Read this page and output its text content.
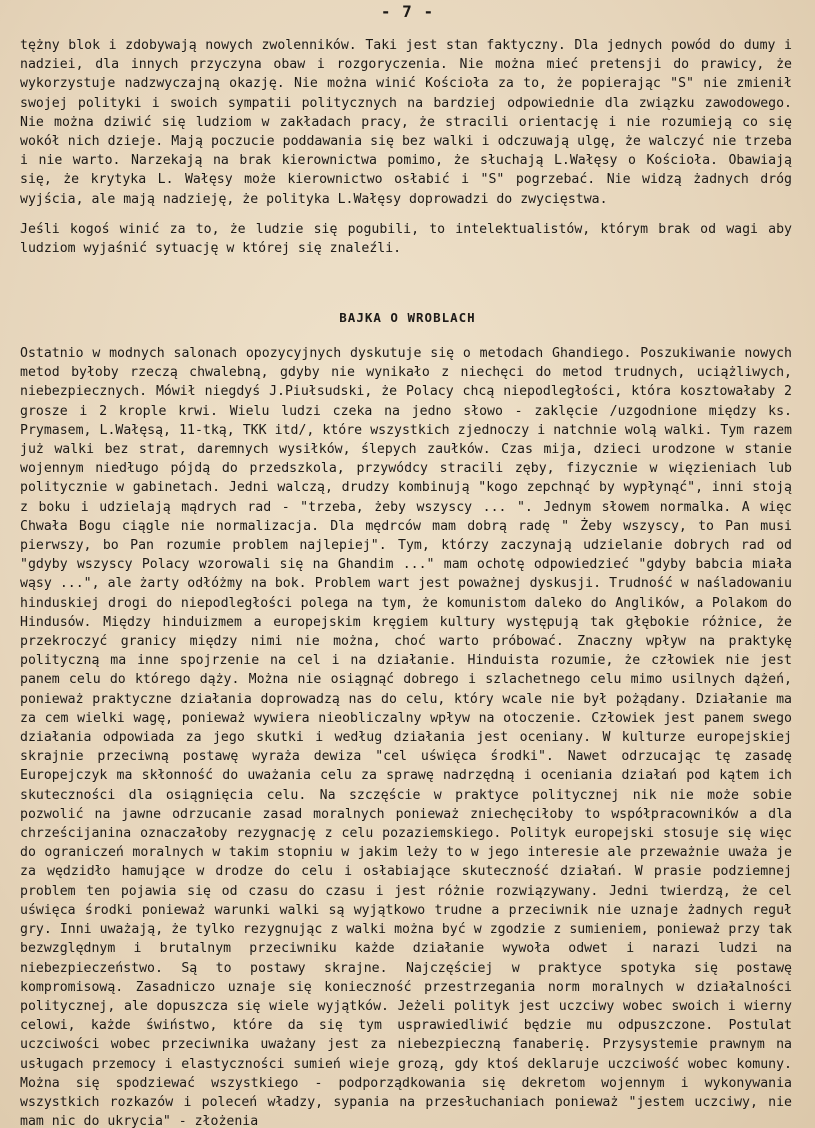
- 7 -

tężny blok i zdobywają nowych zwolenników. Taki jest stan faktyczny. Dla jednych powód do dumy i nadziei, dla innych przyczyna obaw i rozgoryczenia. Nie można mieć pretensji do prawicy, że wykorzystuje nadzwyczajną okazję. Nie można winić Kościoła za to, że popierając "S" nie zmienił swojej polityki i swoich sympatii politycznych na bardziej odpowiednie dla związku zawodowego. Nie można dziwić się ludziom w zakładach pracy, że stracili orientację i nie rozumieją co się wokół nich dzieje. Mają poczucie poddawania się bez walki i odczuwają ulgę, że walczyć nie trzeba i nie warto. Narzekają na brak kierownictwa pomimo, że słuchają L.Wałęsy o Kościoła. Obawiają się, że krytyka L. Wałęsy może kierownictwo osłabić i "S" pogrzebać. Nie widzą żadnych dróg wyjścia, ale mają nadzieję, że polityka L.Wałęsy doprowadzi do zwycięstwa.

Jeśli kogoś winić za to, że ludzie się pogubili, to intelektualistów, którym brak od wagi aby ludziom wyjaśnić sytuację w której się znaleźli.

BAJKA O WROBLACH

Ostatnio w modnych salonach opozycyjnych dyskutuje się o metodach Ghandiego. Poszukiwanie nowych metod byłoby rzeczą chwalebną, gdyby nie wynikało z niechęci do metod trudnych, uciążliwych, niebezpiecznych. Mówił niegdyś J.Piułsudski, że Polacy chcą niepodległości, która kosztowałaby 2 grosze i 2 krople krwi. Wielu ludzi czeka na jedno słowo - zaklęcie /uzgodnione między ks. Prymasem, L.Wałęsą, 11-tką, TKK itd/, które wszystkich zjednoczy i natchnie wolą walki. Tym razem już walki bez strat, daremnych wysiłków, ślepych zaułków. Czas mija, dzieci urodzone w stanie wojennym niedługo pójdą do przedszkola, przywódcy stracili zęby, fizycznie w więzieniach lub politycznie w gabinetach. Jedni walczą, drudzy kombinują "kogo zepchnąć by wypłynąć", inni stoją z boku i udzielają mądrych rad - "trzeba, żeby wszyscy ... ". Jednym słowem normalka. A więc Chwała Bogu ciągle nie normalizacja. Dla mędrców mam dobrą radę " Żeby wszyscy, to Pan musi pierwszy, bo Pan rozumie problem najlepiej". Tym, którzy zaczynają udzielanie dobrych rad od "gdyby wszyscy Polacy wzorowali się na Ghandim ..." mam ochotę odpowiedzieć "gdyby babcia miała wąsy ...", ale żarty odłóżmy na bok. Problem wart jest poważnej dyskusji. Trudność w naśladowaniu hinduskiej drogi do niepodległości polega na tym, że komunistom daleko do Anglików, a Polakom do Hindusów. Między hinduizmem a europejskim kręgiem kultury występują tak głębokie różnice, że przekroczyć granicy między nimi nie można, choć warto próbować. Znaczny wpływ na praktykę polityczną ma inne spojrzenie na cel i na działanie. Hinduista rozumie, że człowiek nie jest panem celu do którego dąży. Można nie osiągnąć dobrego i szlachetnego celu mimo usilnych dążeń, ponieważ praktyczne działania doprowadzą nas do celu, który wcale nie był pożądany. Działanie ma za cem wielki wagę, ponieważ wywiera nieobliczalny wpływ na otoczenie. Człowiek jest panem swego działania odpowiada za jego skutki i według działania jest oceniany. W kulturze europejskiej skrajnie przeciwną postawę wyraża dewiza "cel uświęca środki". Nawet odrzucając tę zasadę Europejczyk ma skłonność do uważania celu za sprawę nadrzędną i oceniania działań pod kątem ich skuteczności dla osiągnięcia celu. Na szczęście w praktyce politycznej nik nie może sobie pozwolić na jawne odrzucanie zasad moralnych ponieważ zniechęciłoby to współpracowników a dla chrześcijanina oznaczałoby rezygnację z celu pozaziemskiego. Polityk europejski stosuje się więc do ograniczeń moralnych w takim stopniu w jakim leży to w jego interesie ale przeważnie uważa je za wędzidło hamujące w drodze do celu i osłabiające skuteczność działań. W prasie podziemnej problem ten pojawia się od czasu do czasu i jest różnie rozwiązywany. Jedni twierdzą, że cel uświęca środki ponieważ warunki walki są wyjątkowo trudne a przeciwnik nie uznaje żadnych reguł gry. Inni uważają, że tylko rezygnując z walki można być w zgodzie z sumieniem, ponieważ przy tak bezwzględnym i brutalnym przeciwniku każde działanie wywoła odwet i narazi ludzi na niebezpieczeństwo. Są to postawy skrajne. Najczęściej w praktyce spotyka się postawę kompromisową. Zasadniczo uznaje się konieczność przestrzegania norm moralnych w działalności politycznej, ale dopuszcza się wiele wyjątków. Jeżeli polityk jest uczciwy wobec swoich i wierny celowi, każde świństwo, które da się tym usprawiedliwić będzie mu odpuszczone. Postulat uczciwości wobec przeciwnika uważany jest za niebezpieczną fanaberię. Przysystemie prawnym na usługach przemocy i elastyczności sumień wieje grozą, gdy ktoś deklaruje uczciwość wobec komuny. Można się spodziewać wszystkiego - podporządkowania się dekretom wojennym i wykonywania wszystkich rozkazów i poleceń władzy, sypania na przesłuchaniach ponieważ "jestem uczciwy, nie mam nic do ukrycia" - złożenia
